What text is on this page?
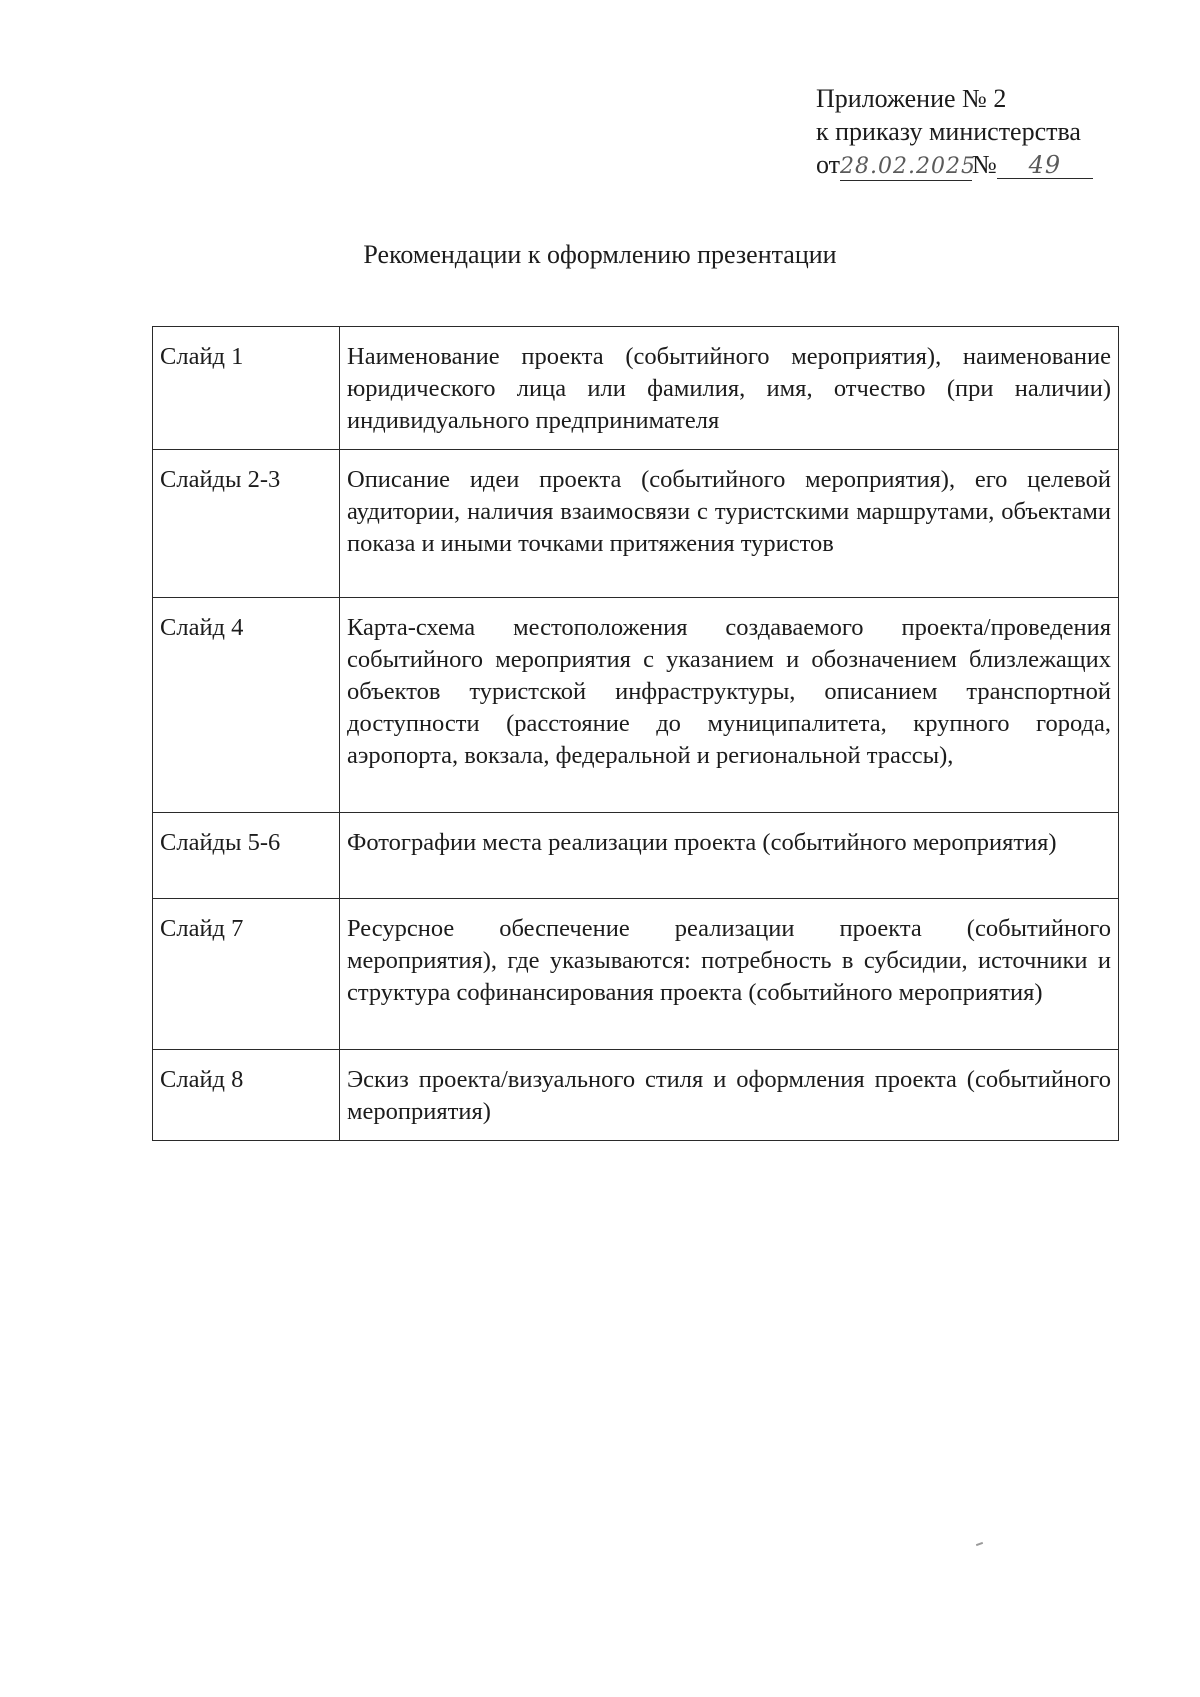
Приложение № 2
к приказу министерства
от28.02.2025№ 49
Рекомендации к оформлению презентации
Слайд 1	Наименование проекта (событийного мероприятия), наименование юридического лица или фамилия, имя, отчество (при наличии) индивидуального предпринимателя
Слайды 2-3	Описание идеи проекта (событийного мероприятия), его целевой аудитории, наличия взаимосвязи с туристскими маршрутами, объектами показа и иными точками притяжения туристов
Слайд 4	Карта-схема местоположения создаваемого проекта/проведения событийного мероприятия с указанием и обозначением близлежащих объектов туристской инфраструктуры, описанием транспортной доступности (расстояние до муниципалитета, крупного города, аэропорта, вокзала, федеральной и региональной трассы),
Слайды 5-6	Фотографии места реализации проекта (событийного мероприятия)
Слайд 7	Ресурсное обеспечение реализации проекта (событийного мероприятия), где указываются: потребность в субсидии, источники и структура софинансирования проекта (событийного мероприятия)
Слайд 8	Эскиз проекта/визуального стиля и оформления проекта (событийного мероприятия)
